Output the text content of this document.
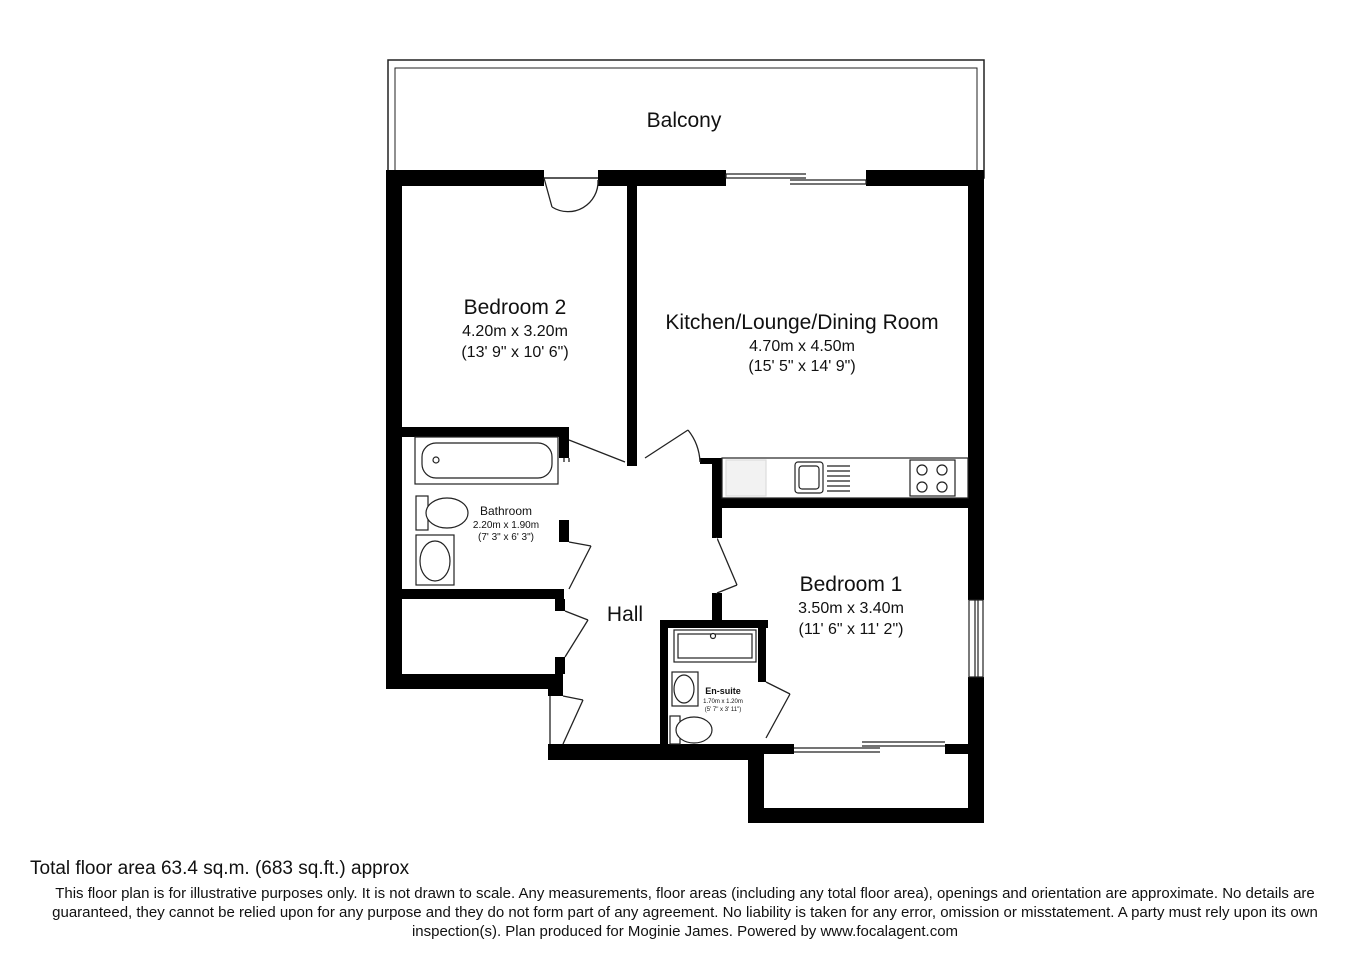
Balcony
Bedroom 2
4.20m x 3.20m
(13' 9" x 10' 6")
Kitchen/Lounge/Dining Room
4.70m x 4.50m
(15' 5" x 14' 9")
Bathroom
2.20m x 1.90m
(7' 3" x 6' 3")
Hall
Bedroom 1
3.50m x 3.40m
(11' 6" x 11' 2")
En-suite
1.70m x 1.20m
(5' 7" x 3' 11")
Total floor area 63.4 sq.m. (683 sq.ft.) approx
This floor plan is for illustrative purposes only. It is not drawn to scale. Any measurements, floor areas (including any total floor area), openings and orientation are approximate. No details are guaranteed, they cannot be relied upon for any purpose and they do not form part of any agreement. No liability is taken for any error, omission or misstatement. A party must rely upon its own inspection(s). Plan produced for Moginie James. Powered by www.focalagent.com
